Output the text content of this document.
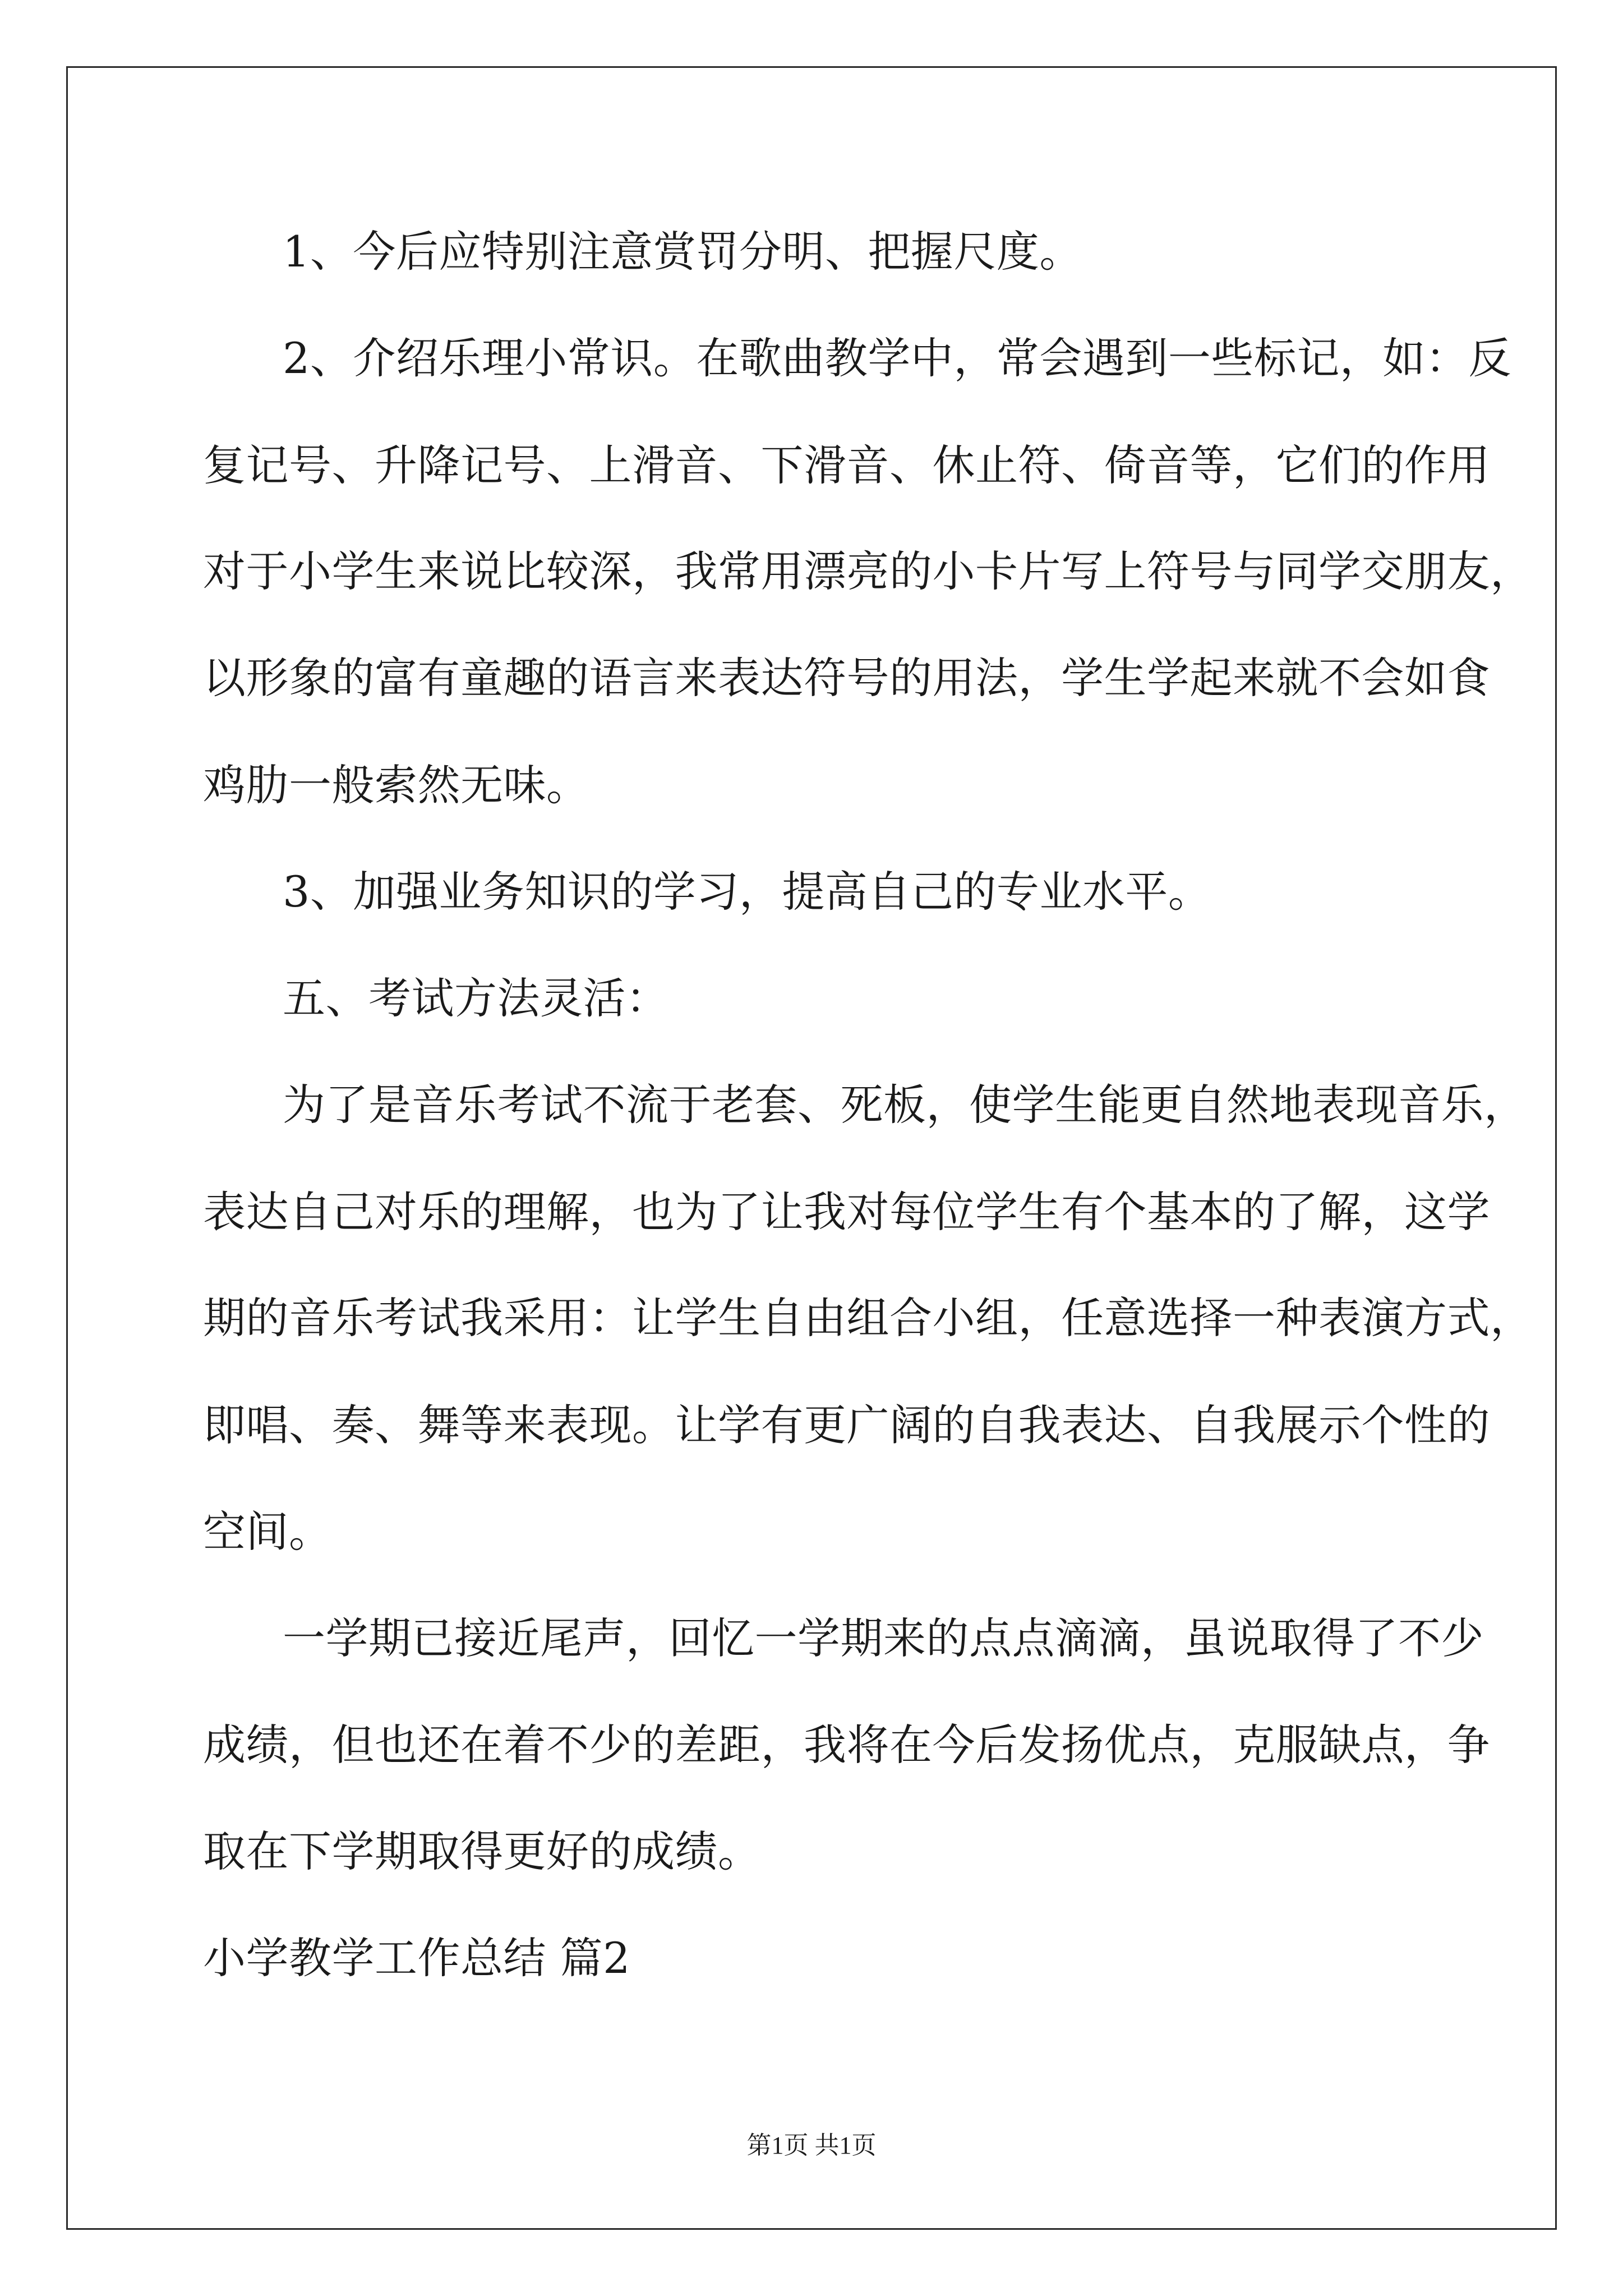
1、今后应特别注意赏罚分明、把握尺度。
2、介绍乐理小常识。在歌曲教学中，常会遇到一些标记，如：反
复记号、升降记号、上滑音、下滑音、休止符、倚音等，它们的作用
对于小学生来说比较深，我常用漂亮的小卡片写上符号与同学交朋友，
以形象的富有童趣的语言来表达符号的用法，学生学起来就不会如食
鸡肋一般索然无味。
3、加强业务知识的学习，提高自己的专业水平。
五、考试方法灵活：
为了是音乐考试不流于老套、死板，使学生能更自然地表现音乐，
表达自己对乐的理解，也为了让我对每位学生有个基本的了解，这学
期的音乐考试我采用：让学生自由组合小组，任意选择一种表演方式，
即唱、奏、舞等来表现。让学有更广阔的自我表达、自我展示个性的
空间。
一学期已接近尾声，回忆一学期来的点点滴滴，虽说取得了不少
成绩，但也还在着不少的差距，我将在今后发扬优点，克服缺点，争
取在下学期取得更好的成绩。
小学教学工作总结 篇2
第1页 共1页
